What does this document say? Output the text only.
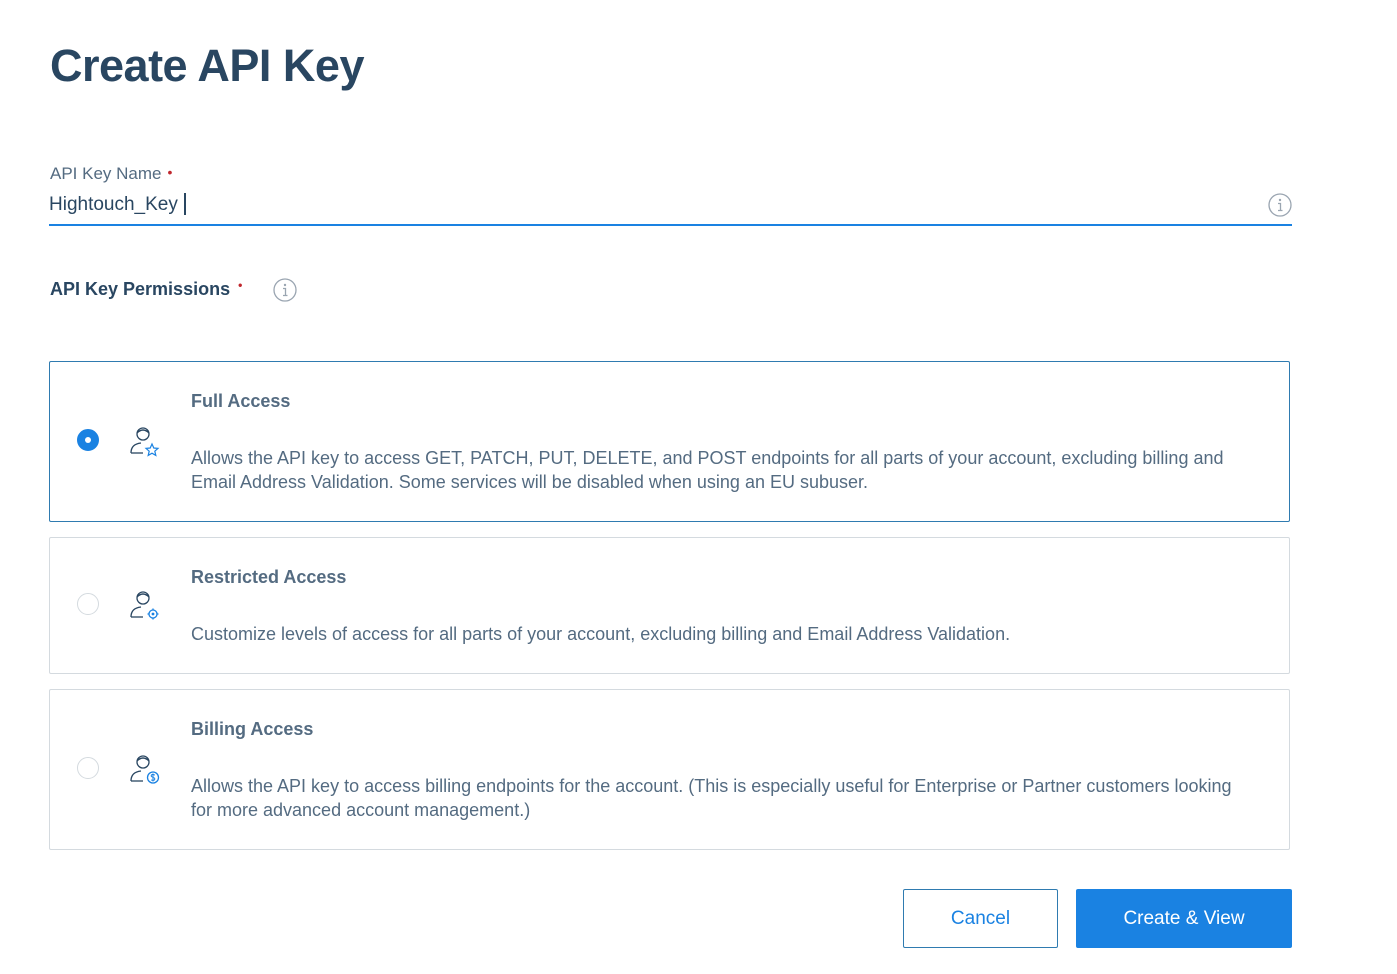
Create API Key
API Key Name •
Hightouch_Key
API Key Permissions •
Full Access
Allows the API key to access GET, PATCH, PUT, DELETE, and POST endpoints for all parts of your account, excluding billing and Email Address Validation. Some services will be disabled when using an EU subuser.
Restricted Access
Customize levels of access for all parts of your account, excluding billing and Email Address Validation.
Billing Access
Allows the API key to access billing endpoints for the account. (This is especially useful for Enterprise or Partner customers looking for more advanced account management.)
Cancel	Create & View
